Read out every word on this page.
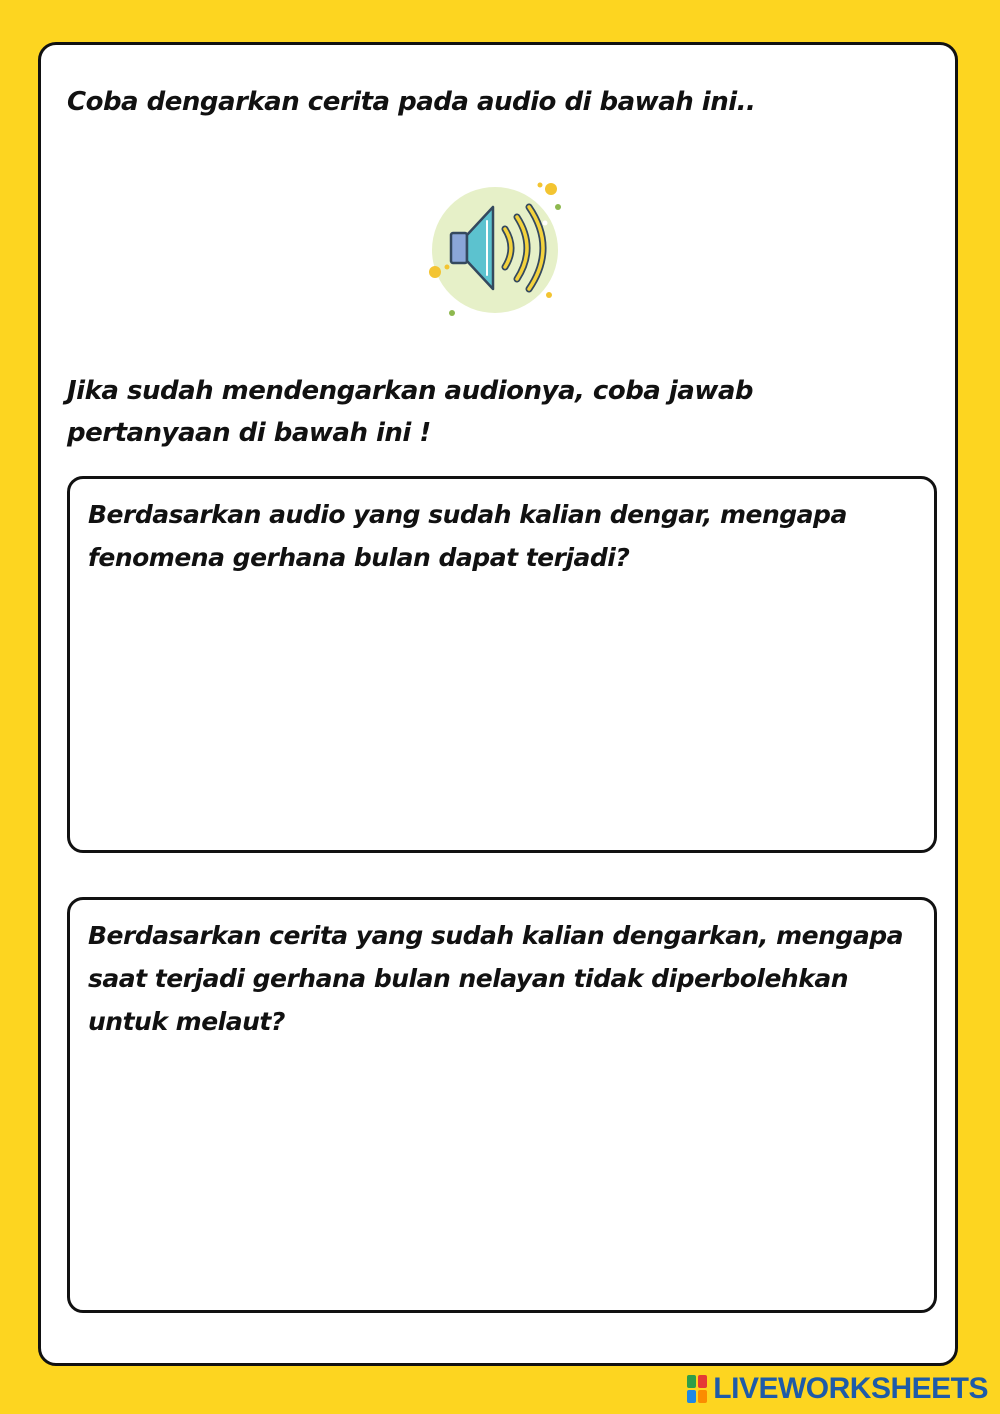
Coba dengarkan cerita pada audio di bawah ini..

Jika sudah mendengarkan audionya, coba jawab pertanyaan di bawah ini !

Berdasarkan audio yang sudah kalian dengar, mengapa fenomena gerhana bulan dapat terjadi?

Berdasarkan cerita yang sudah kalian dengarkan, mengapa saat terjadi gerhana bulan nelayan tidak diperbolehkan untuk melaut?

LIVEWORKSHEETS
